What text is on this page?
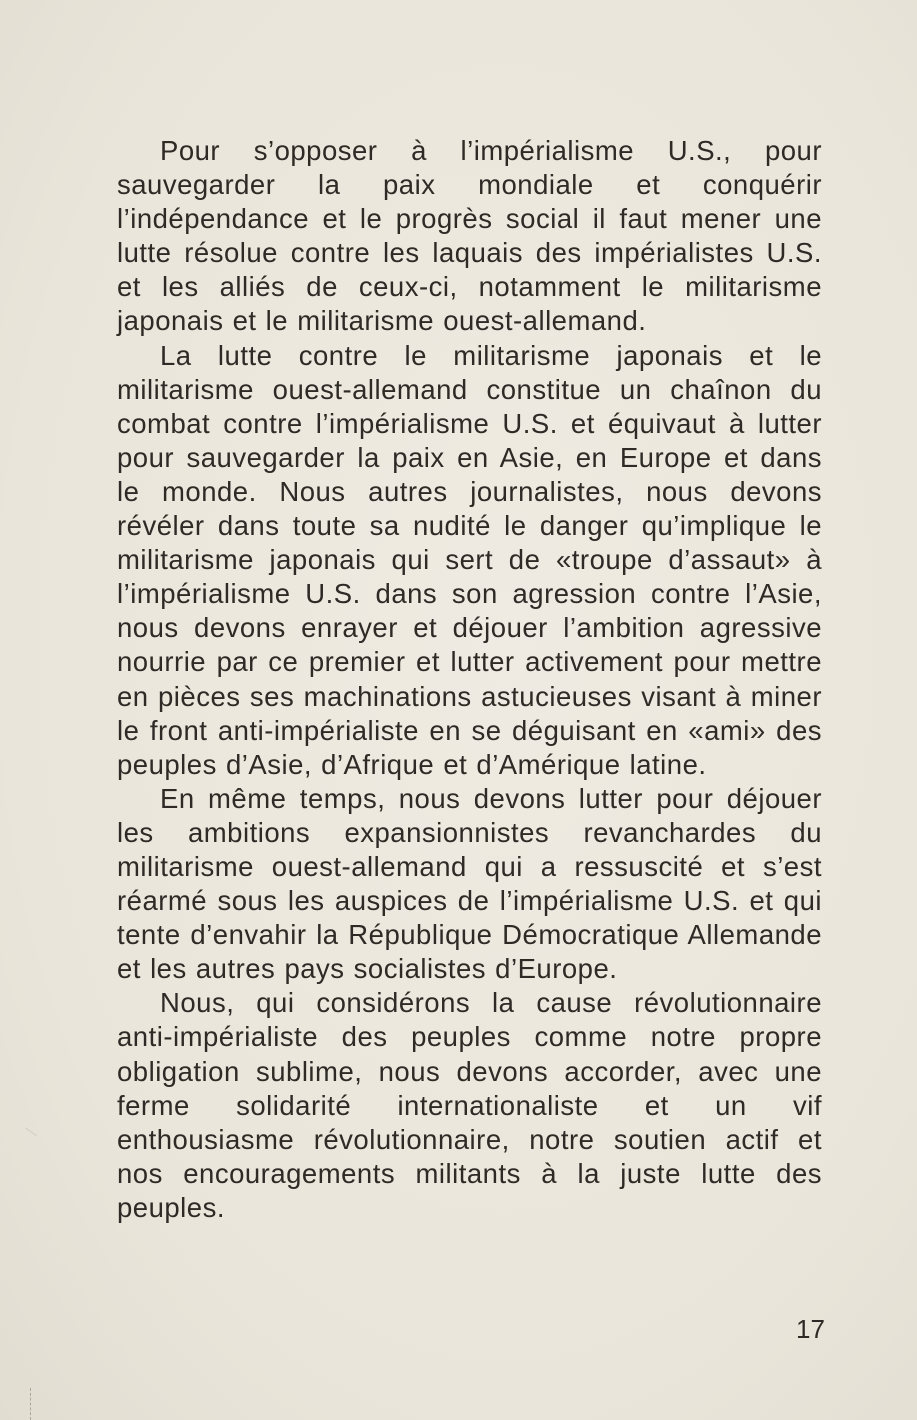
Pour s’opposer à l’impérialisme U.S., pour sauvegarder la paix mondiale et conquérir l’indépendance et le progrès social il faut mener une lutte résolue contre les laquais des impérialistes U.S. et les alliés de ceux-ci, notamment le militarisme japonais et le militarisme ouest-allemand.

La lutte contre le militarisme japonais et le militarisme ouest-allemand constitue un chaînon du combat contre l’impérialisme U.S. et équivaut à lutter pour sauvegarder la paix en Asie, en Europe et dans le monde. Nous autres journalistes, nous devons révéler dans toute sa nudité le danger qu’implique le militarisme japonais qui sert de «troupe d’assaut» à l’impérialisme U.S. dans son agression contre l’Asie, nous devons enrayer et déjouer l’ambition agressive nourrie par ce premier et lutter activement pour mettre en pièces ses machinations astucieuses visant à miner le front anti-impérialiste en se déguisant en «ami» des peuples d’Asie, d’Afrique et d’Amérique latine.

En même temps, nous devons lutter pour déjouer les ambitions expansionnistes revanchardes du militarisme ouest-allemand qui a ressuscité et s’est réarmé sous les auspices de l’impérialisme U.S. et qui tente d’envahir la République Démocratique Allemande et les autres pays socialistes d’Europe.

Nous, qui considérons la cause révolutionnaire anti-impérialiste des peuples comme notre propre obligation sublime, nous devons accorder, avec une ferme solidarité internationaliste et un vif enthousiasme révolutionnaire, notre soutien actif et nos encouragements militants à la juste lutte des peuples.

17
